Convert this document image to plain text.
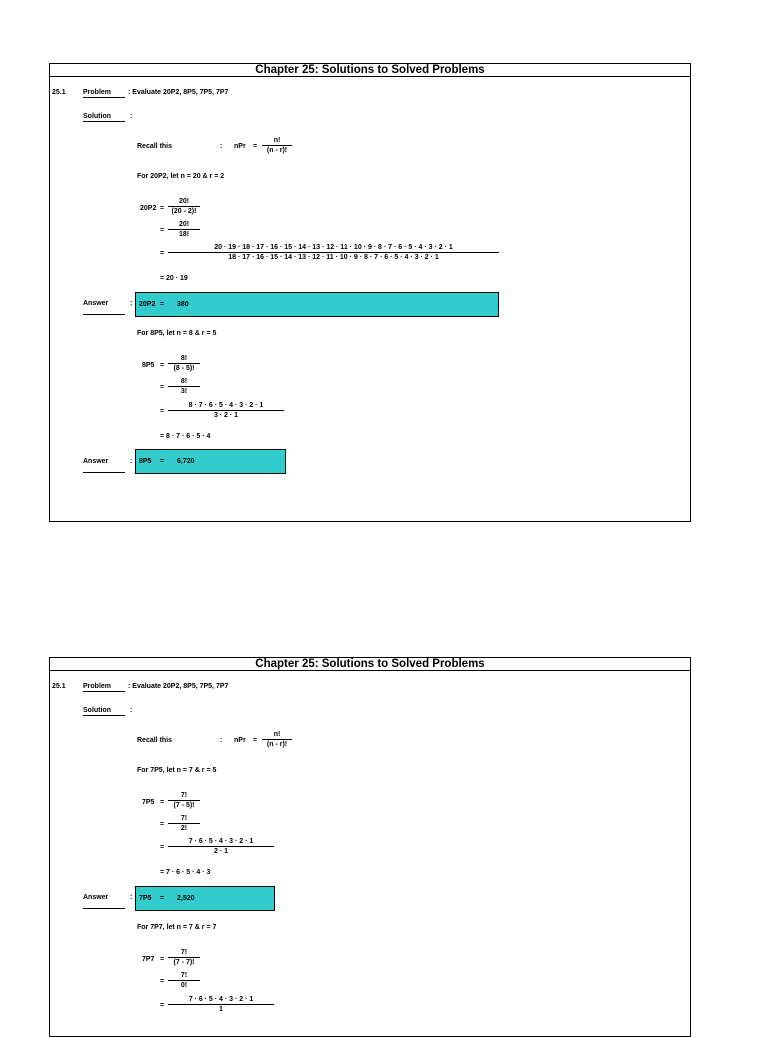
Chapter 25: Solutions to Solved Problems
25.1 Problem	: Evaluate 20P2, 8P5, 7P5, 7P7
Solution	:
Recall this	: nPr = $\frac{n!}{(n - r)!}$
For 20P2, let n = 20 & r = 2
$20P2 = \frac{20!}{(20 - 2)!}$
= $\frac{20!}{18!}$
=
20 · 19 · 18 · 17 · 16 · 15 · 14 · 13 · 12 · 11 · 10 · 9 · 8 · 7 · 6 · 5 · 4 · 3 · 2 · 1
18 · 17 · 16 · 15 · 14 · 13 · 12 · 11 · 10 · 9 · 8 · 7 · 6 · 5 · 4 · 3 · 2 · 1
= 20 · 19
Answer	: 20P2 = 380
For 8P5, let n = 8 & r = 5
$8P5 = \frac{8!}{(8 - 5)!}$
= $\frac{8!}{3!}$
= $\frac{8 \cdot 7 \cdot 6 \cdot 5 \cdot 4 \cdot 3 \cdot 2 \cdot 1}{3 \cdot 2 \cdot 1}$
= 8 · 7 · 6 · 5 · 4
Answer	: 8P5 = 6,720
Chapter 25: Solutions to Solved Problems
25.1 Problem	: Evaluate 20P2, 8P5, 7P5, 7P7
Solution	:
Recall this	: nPr = $\frac{n!}{(n - r)!}$
For 7P5, let n = 7 & r = 5
$7P5 = \frac{7!}{(7 - 5)!}$
= $\frac{7!}{2!}$
= $\frac{7 \cdot 6 \cdot 5 \cdot 4 \cdot 3 \cdot 2 \cdot 1}{2 \cdot 1}$
= 7 · 6 · 5 · 4 · 3
Answer	: 7P5 = 2,520
For 7P7, let n = 7 & r = 7
$7P7 = \frac{7!}{(7 - 7)!}$
= $\frac{7!}{0!}$
= $\frac{7 \cdot 6 \cdot 5 \cdot 4 \cdot 3 \cdot 2 \cdot 1}{1}$
